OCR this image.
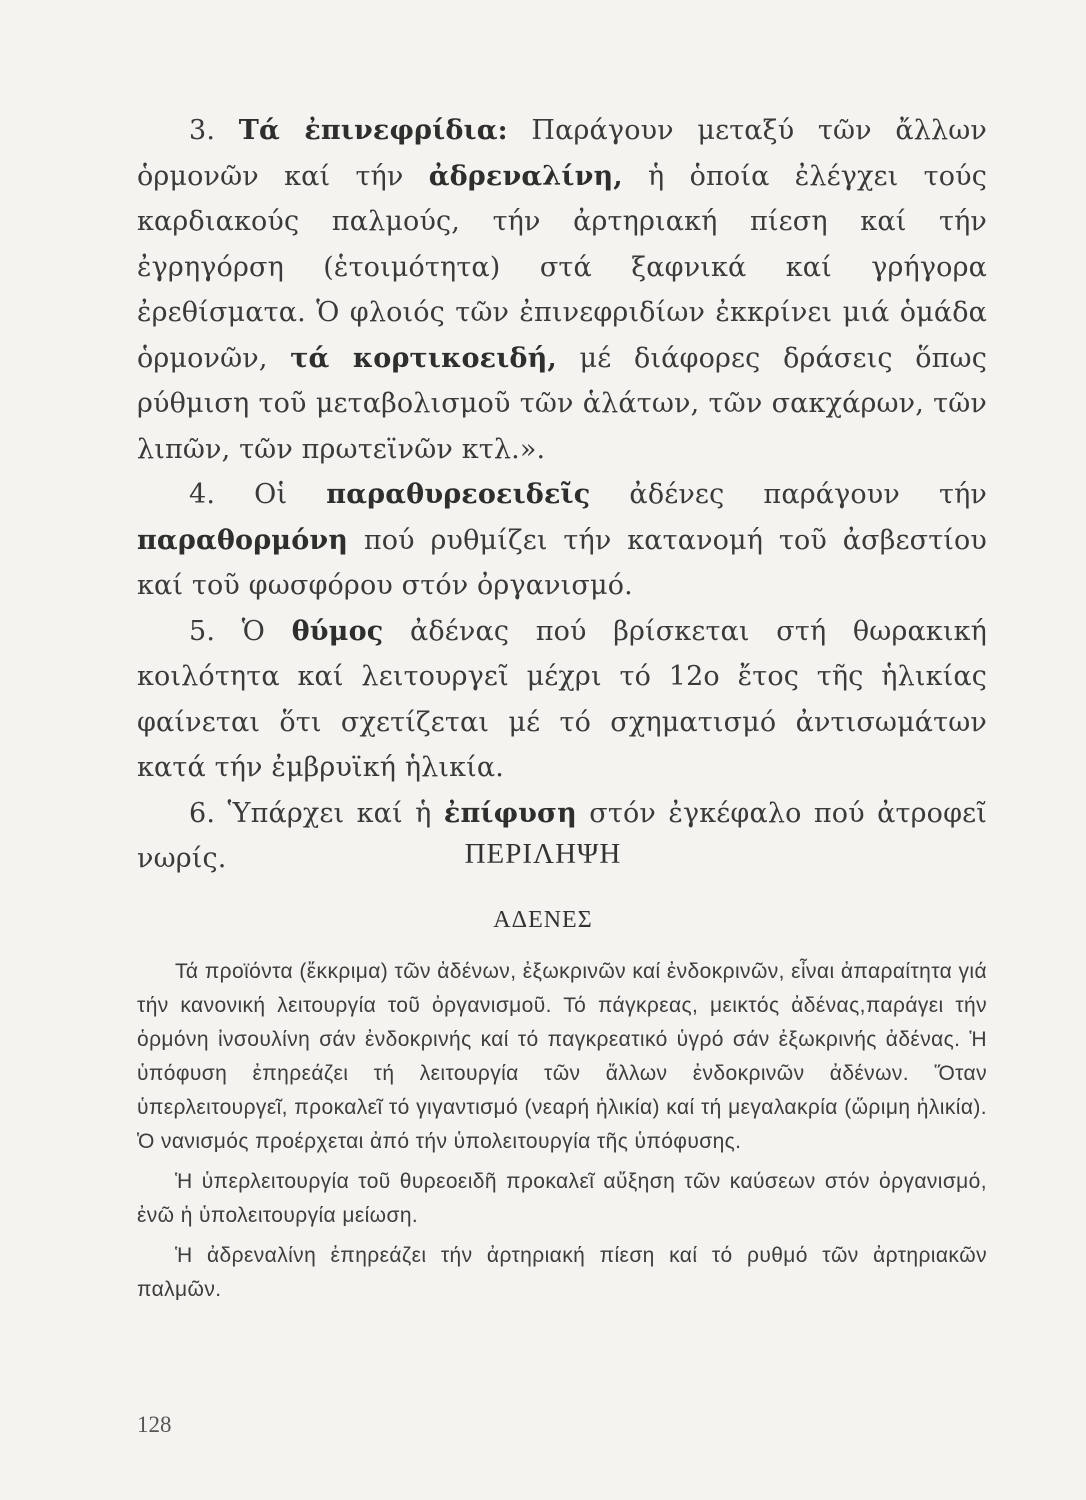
3. Τά ἐπινεφρίδια: Παράγουν μεταξύ τῶν ἄλλων ὁρμονῶν καί τήν ἀδρεναλίνη, ἡ ὁποία ἐλέγχει τούς καρδιακούς παλμούς, τήν ἀρτηριακή πίεση καί τήν ἐγρηγόρση (ἑτοιμότητα) στά ξαφνικά καί γρήγορα ἐρεθίσματα. Ὁ φλοιός τῶν ἐπινεφριδίων ἐκκρίνει μιά ὁμάδα ὁρμονῶν, τά κορτικοειδή, μέ διάφορες δράσεις ὅπως ρύθμιση τοῦ μεταβολισμοῦ τῶν ἁλάτων, τῶν σακχάρων, τῶν λιπῶν, τῶν πρωτεϊνῶν κτλ.».

4. Οἱ παραθυρεοειδεῖς ἀδένες παράγουν τήν παραθορμόνη πού ρυθμίζει τήν κατανομή τοῦ ἀσβεστίου καί τοῦ φωσφόρου στόν ὀργανισμό.

5. Ὁ θύμος ἀδένας πού βρίσκεται στή θωρακική κοιλότητα καί λειτουργεῖ μέχρι τό 12ο ἔτος τῆς ἡλικίας φαίνεται ὅτι σχετίζεται μέ τό σχηματισμό ἀντισωμάτων κατά τήν ἐμβρυϊκή ἡλικία.

6. Ὑπάρχει καί ἡ ἐπίφυση στόν ἐγκέφαλο πού ἀτροφεῖ νωρίς.	ΠΕΡΙΛΗΨΗ
ΑΔΕΝΕΣ

Τά προϊόντα (ἔκκριμα) τῶν ἀδένων, ἐξωκρινῶν καί ἐνδοκρινῶν, εἶναι ἀπαραίτητα γιά τήν κανονική λειτουργία τοῦ ὀργανισμοῦ. Τό πάγκρεας, μεικτός ἀδένας,παράγει τήν ὁρμόνη ἰνσουλίνη σάν ἐνδοκρινής καί τό παγκρεατικό ὑγρό σάν ἐξωκρινής ἀδένας. Ἡ ὑπόφυση ἐπηρεάζει τή λειτουργία τῶν ἄλλων ἐνδοκρινῶν ἀδένων. Ὅταν ὑπερλειτουργεῖ, προκαλεῖ τό γιγαντισμό (νεαρή ἡλικία) καί τή μεγαλακρία (ὥριμη ἡλικία). Ὁ νανισμός προέρχεται ἀπό τήν ὑπολειτουργία τῆς ὑπόφυσης.

Ἡ ὑπερλειτουργία τοῦ θυρεοειδῆ προκαλεῖ αὔξηση τῶν καύσεων στόν ὀργανισμό, ἐνῶ ἡ ὑπολειτουργία μείωση.

Ἡ ἀδρεναλίνη ἐπηρεάζει τήν ἀρτηριακή πίεση καί τό ρυθμό τῶν ἀρτηριακῶν παλμῶν.

128
